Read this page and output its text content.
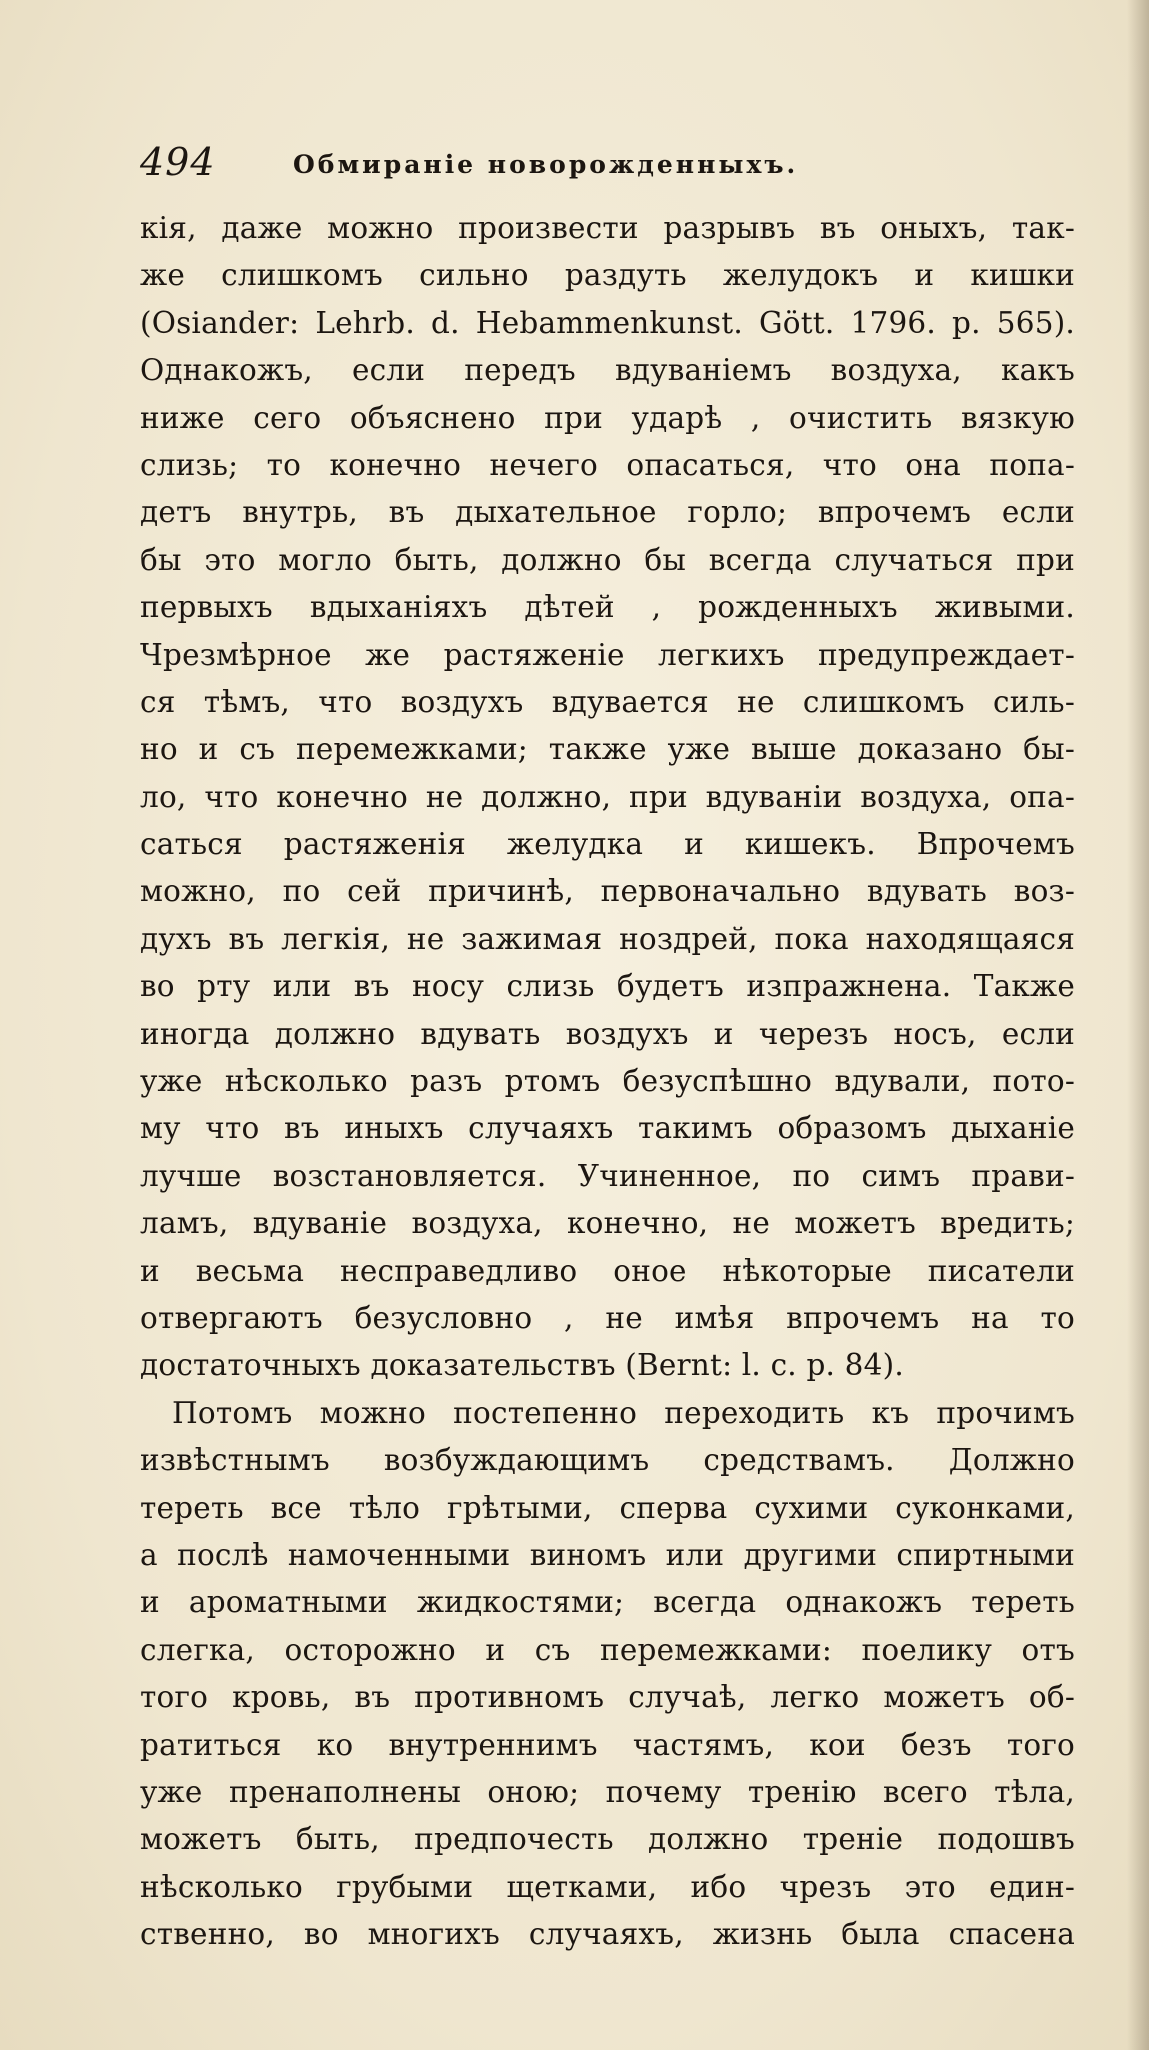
494	Обмираніе новорожденныхъ.
кія, даже можно произвести разрывъ въ оныхъ, так-
же слишкомъ сильно раздуть желудокъ и кишки
(Osiander: Lehrb. d. Hebammenkunst. Gött. 1796. p. 565).
Однакожъ, если передъ вдуваніемъ воздуха, какъ
ниже сего объяснено при ударѣ , очистить вязкую
слизь; то конечно нечего опасаться, что она попа-
детъ внутрь, въ дыхательное горло; впрочемъ если
бы это могло быть, должно бы всегда случаться при
первыхъ вдыханіяхъ дѣтей , рожденныхъ живыми.
Чрезмѣрное же растяженіе легкихъ предупреждает-
ся тѣмъ, что воздухъ вдувается не слишкомъ силь-
но и съ перемежками; также уже выше доказано бы-
ло, что конечно не должно, при вдуваніи воздуха, опа-
саться растяженія желудка и кишекъ. Впрочемъ
можно, по сей причинѣ, первоначально вдувать воз-
духъ въ легкія, не зажимая ноздрей, пока находящаяся
во рту или въ носу слизь будетъ изпражнена. Также
иногда должно вдувать воздухъ и черезъ носъ, если
уже нѣсколько разъ ртомъ безуспѣшно вдували, пото-
му что въ иныхъ случаяхъ такимъ образомъ дыханіе
лучше возстановляется. Учиненное, по симъ прави-
ламъ, вдуваніе воздуха, конечно, не можетъ вредить;
и весьма несправедливо оное нѣкоторые писатели
отвергаютъ безусловно , не имѣя впрочемъ на то
достаточныхъ доказательствъ (Bernt: l. c. p. 84).
Потомъ можно постепенно переходить къ прочимъ
извѣстнымъ возбуждающимъ средствамъ. Должно
тереть все тѣло грѣтыми, сперва сухими суконками,
а послѣ намоченными виномъ или другими спиртными
и ароматными жидкостями; всегда однакожъ тереть
слегка, осторожно и съ перемежками: поелику отъ
того кровь, въ противномъ случаѣ, легко можетъ об-
ратиться ко внутреннимъ частямъ, кои безъ того
уже пренаполнены оною; почему тренію всего тѣла,
можетъ быть, предпочесть должно треніе подошвъ
нѣсколько грубыми щетками, ибо чрезъ это един-
ственно, во многихъ случаяхъ, жизнь была спасена
